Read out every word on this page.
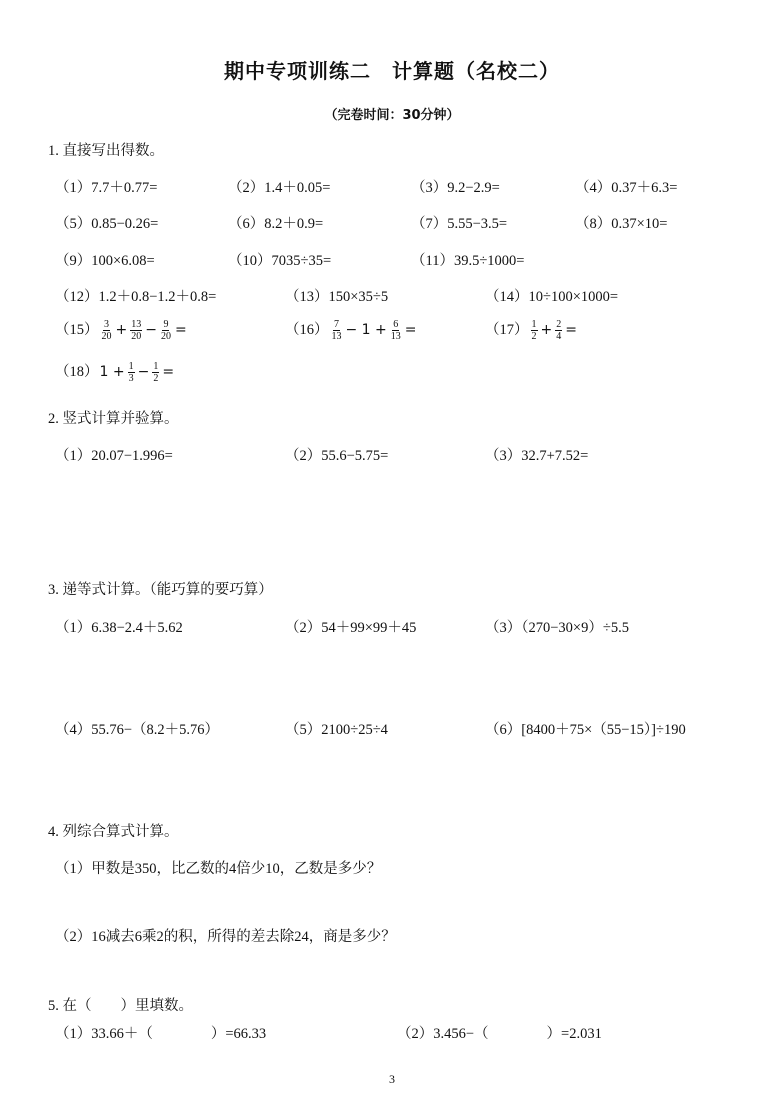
期中专项训练二　计算题（名校二）
（完卷时间：30分钟）
1. 直接写出得数。
（1）7.7＋0.77=	（2）1.4＋0.05=	（3）9.2−2.9=	（4）0.37＋6.3=
（5）0.85−0.26=	（6）8.2＋0.9=	（7）5.55−3.5=	（8）0.37×10=
（9）100×6.08=	（10）7035÷35=	（11）39.5÷1000=
（12）1.2＋0.8−1.2＋0.8=	（13）150×35÷5	（14）10÷100×1000=
$(15) \frac{3}{20} + \frac{13}{20} - \frac{9}{20}$ =	$(16) \frac{7}{13} - 1 + \frac{6}{13}$ =	$(17) \frac{1}{2} + \frac{2}{4}$ =
$(18)1 + \frac{1}{3} - \frac{1}{2}$ =
2. 竖式计算并验算。
（1）20.07−1.996=	（2）55.6−5.75=	（3）32.7+7.52=
3. 递等式计算。（能巧算的要巧算）
（1）6.38−2.4＋5.62	（2）54＋99×99＋45	（3）（270−30×9）÷5.5
（4）55.76−（8.2＋5.76）	（5）2100÷25÷4	（6）[8400＋75×（55−15）]÷190
4. 列综合算式计算。
（1）甲数是350，比乙数的4倍少10，乙数是多少？
（2）16减去6乘2的积，所得的差去除24，商是多少？
5. 在（　　）里填数。
（1）33.66＋（　　　　）=66.33	（2）3.456−（　　　　）=2.031
3
